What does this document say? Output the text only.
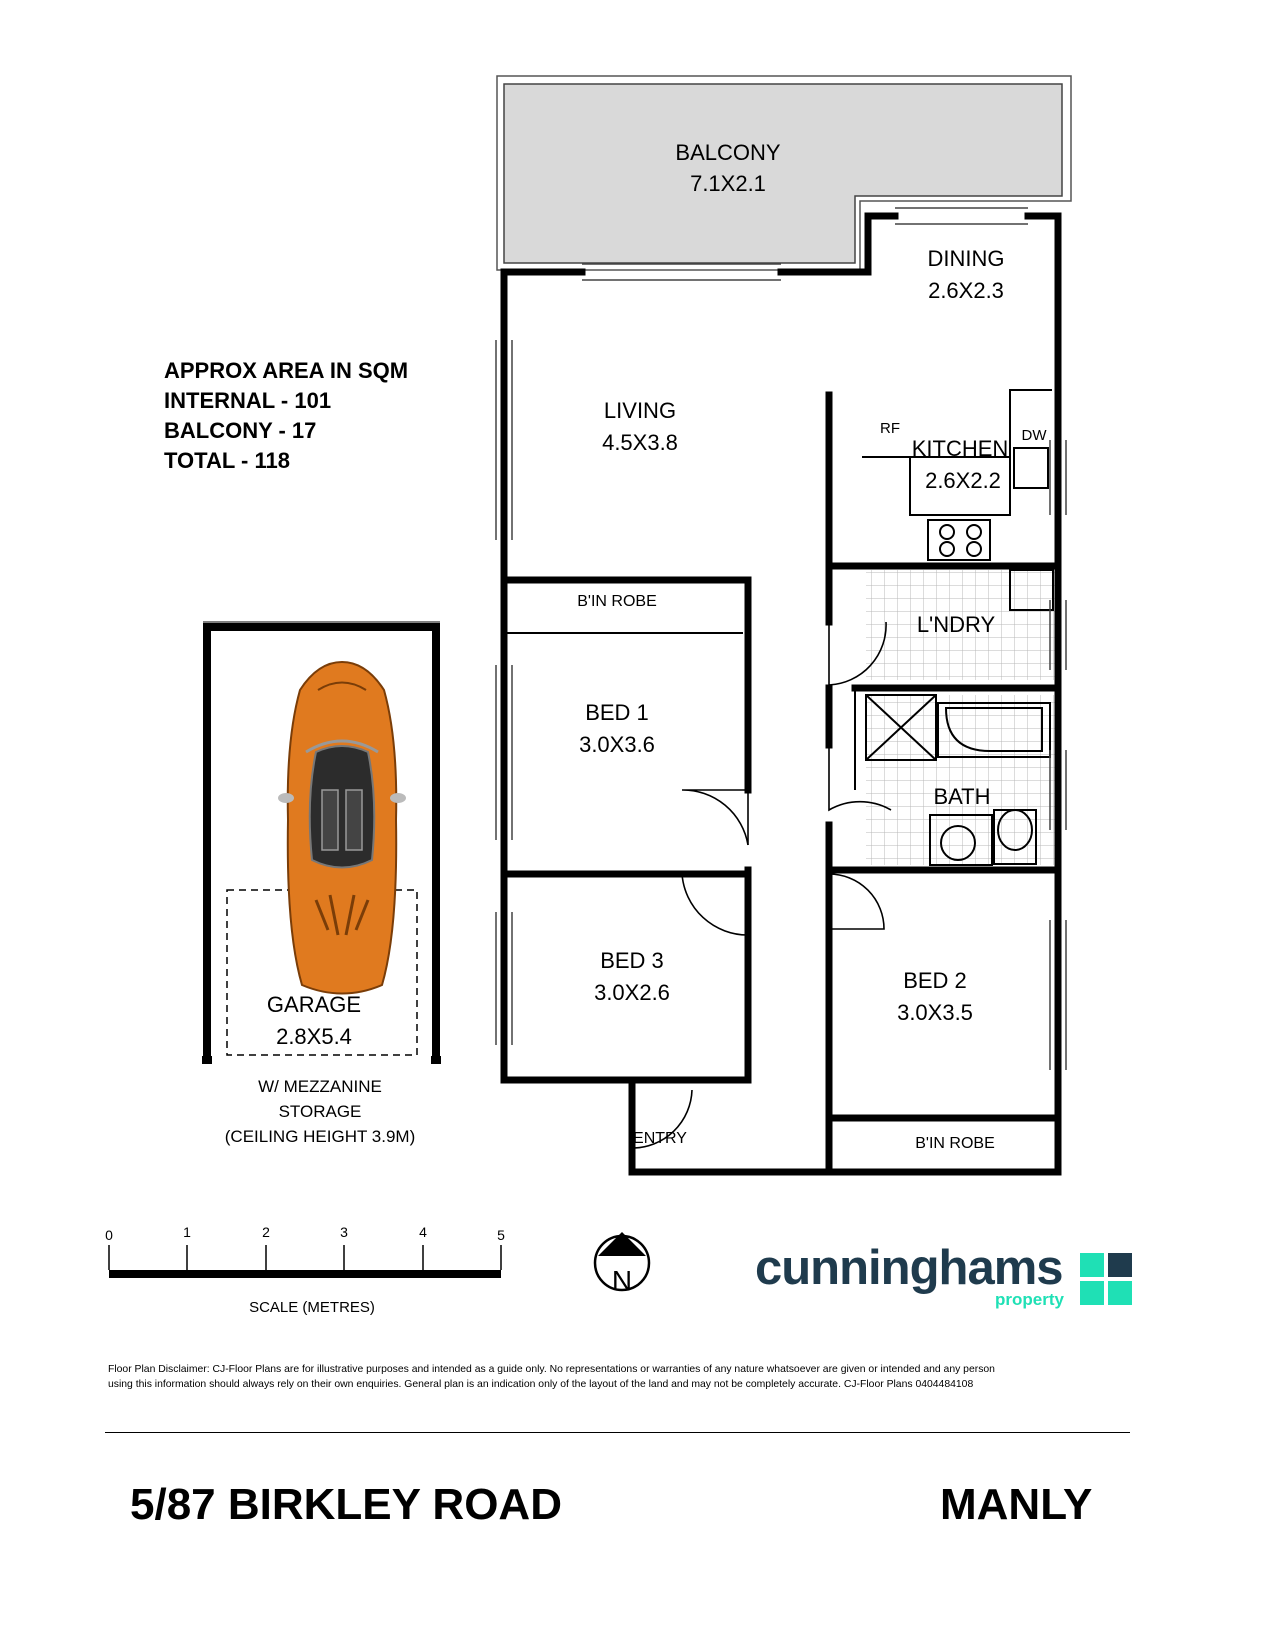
BALCONY
7.1X2.1
DINING
2.6X2.3
LIVING
4.5X3.8	KITCHEN
2.6X2.2
L'NDRY
BATH
BED 1
3.0X3.6
BED 2
3.0X3.5
BED 3
3.0X2.6
B'IN ROBE
B'IN ROBE
ENTRY
RF	DW
GARAGE
2.8X5.4
0	1	2	3	4	5
SCALE (METRES)
N
APPROX AREA IN SQM
INTERNAL - 101
BALCONY - 17
TOTAL - 118
W/ MEZZANINE
STORAGE
(CEILING HEIGHT 3.9M)
cunninghams
property
Floor Plan Disclaimer: CJ-Floor Plans are for illustrative purposes and intended as a guide only. No representations or warranties of any nature whatsoever are given or intended and any person
using this information should always rely on their own enquiries. General plan is an indication only of the layout of the land and may not be completely accurate. CJ-Floor Plans 0404484108
5/87 BIRKLEY ROAD	MANLY
